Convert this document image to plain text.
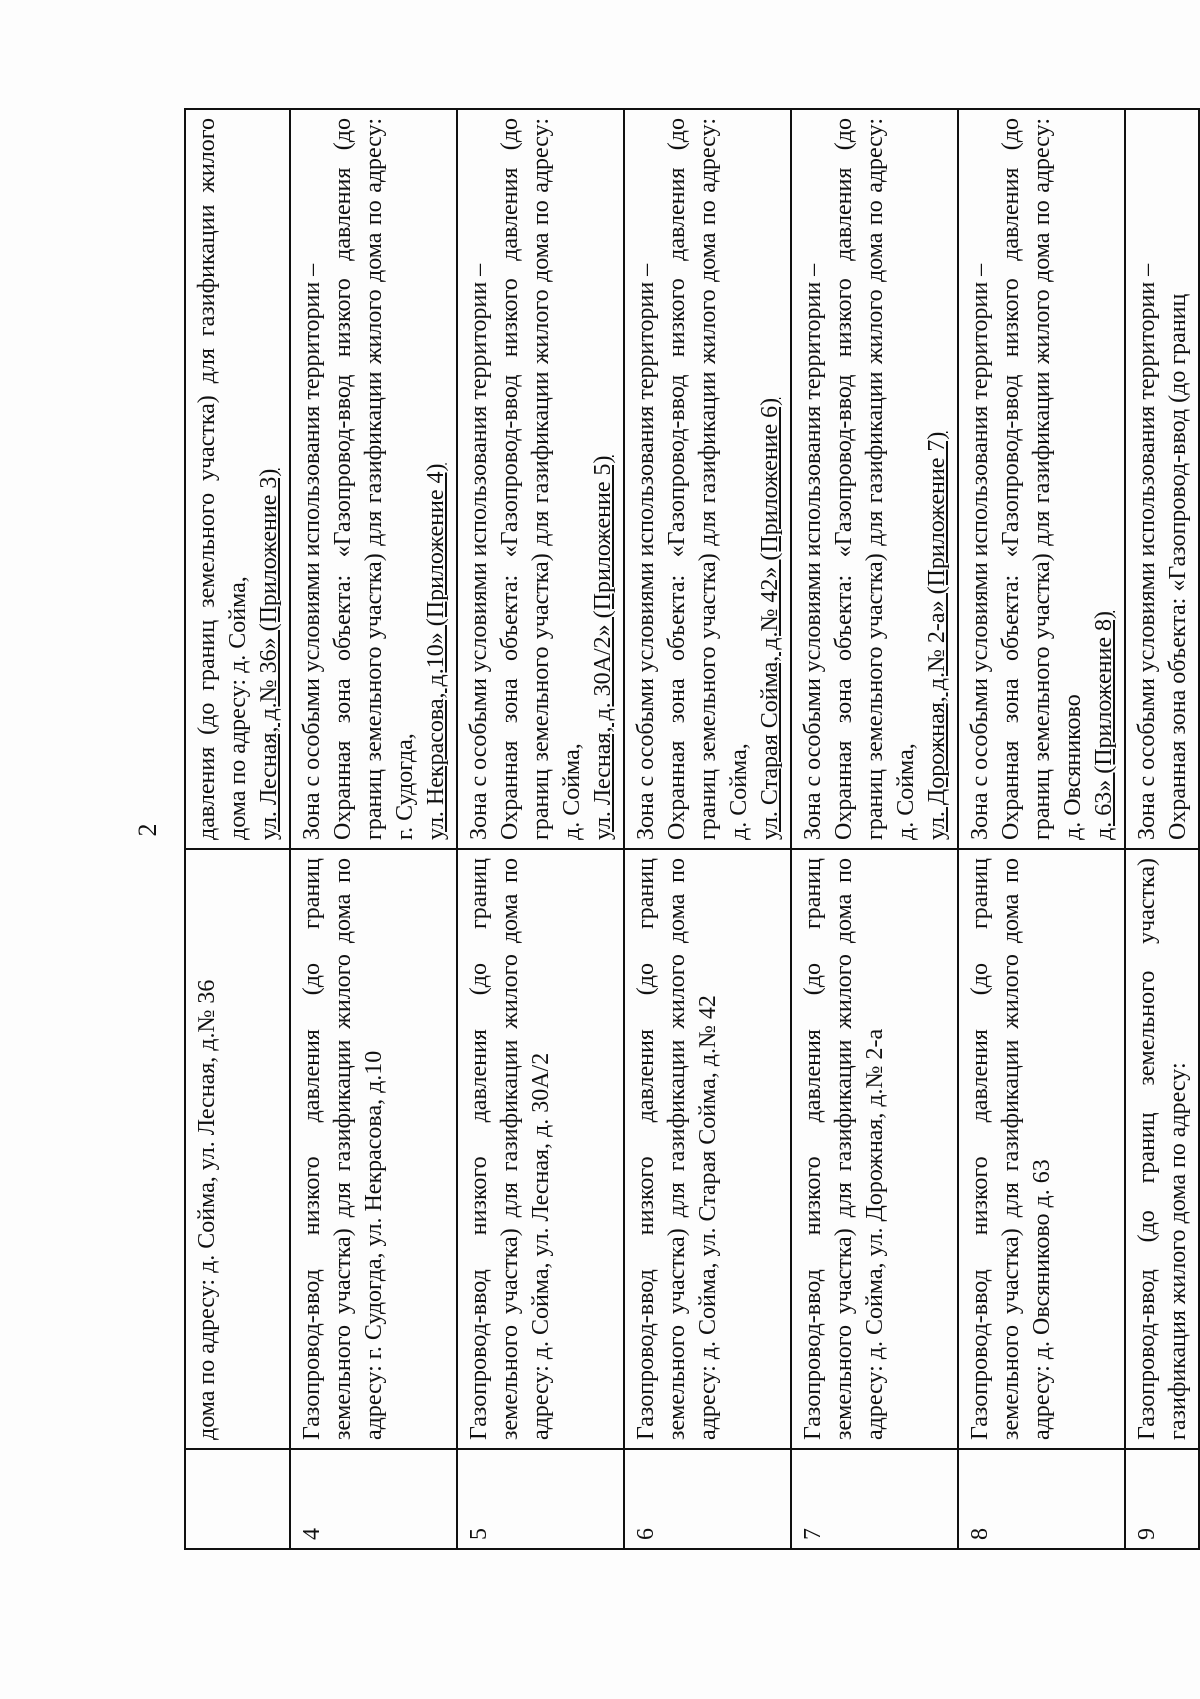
2
	дома по адресу: д. Сойма, ул. Лесная, д.№ 36	давления (до границ земельного участка) для газификации жилого дома по адресу: д. Сойма, ул. Лесная, д.№ 36» (Приложение 3)

4	Газопровод-ввод низкого давления (до границ земельного участка) для газификации жилого дома по адресу: г. Судогда, ул. Некрасова, д.10	Зона с особыми условиями использования территории – Охранная зона объекта: «Газопровод-ввод низкого давления (до границ земельного участка) для газификации жилого дома по адресу: г. Судогда, ул. Некрасова, д.10» (Приложение 4)

5	Газопровод-ввод низкого давления (до границ земельного участка) для газификации жилого дома по адресу: д. Сойма, ул. Лесная, д. 30А/2	Зона с особыми условиями использования территории – Охранная зона объекта: «Газопровод-ввод низкого давления (до границ земельного участка) для газификации жилого дома по адресу: д. Сойма, ул. Лесная, д. 30А/2» (Приложение 5)

6	Газопровод-ввод низкого давления (до границ земельного участка) для газификации жилого дома по адресу: д. Сойма, ул. Старая Сойма, д.№ 42	Зона с особыми условиями использования территории – Охранная зона объекта: «Газопровод-ввод низкого давления (до границ земельного участка) для газификации жилого дома по адресу: д. Сойма, ул. Старая Сойма, д.№ 42» (Приложение 6)

7	Газопровод-ввод низкого давления (до границ земельного участка) для газификации жилого дома по адресу: д. Сойма, ул. Дорожная, д.№ 2-а	Зона с особыми условиями использования территории – Охранная зона объекта: «Газопровод-ввод низкого давления (до границ земельного участка) для газификации жилого дома по адресу: д. Сойма, ул. Дорожная, д.№ 2-а» (Приложение 7)

8	Газопровод-ввод низкого давления (до границ земельного участка) для газификации жилого дома по адресу: д. Овсяниково д. 63	Зона с особыми условиями использования территории – Охранная зона объекта: «Газопровод-ввод низкого давления (до границ земельного участка) для газификации жилого дома по адресу: д. Овсяниково д. 63» (Приложение 8)

9	Газопровод-ввод (до границ земельного участка) газификация жилого дома по адресу:	Зона с особыми условиями использования территории – Охранная зона объекта: «Газопровод-ввод (до границ
